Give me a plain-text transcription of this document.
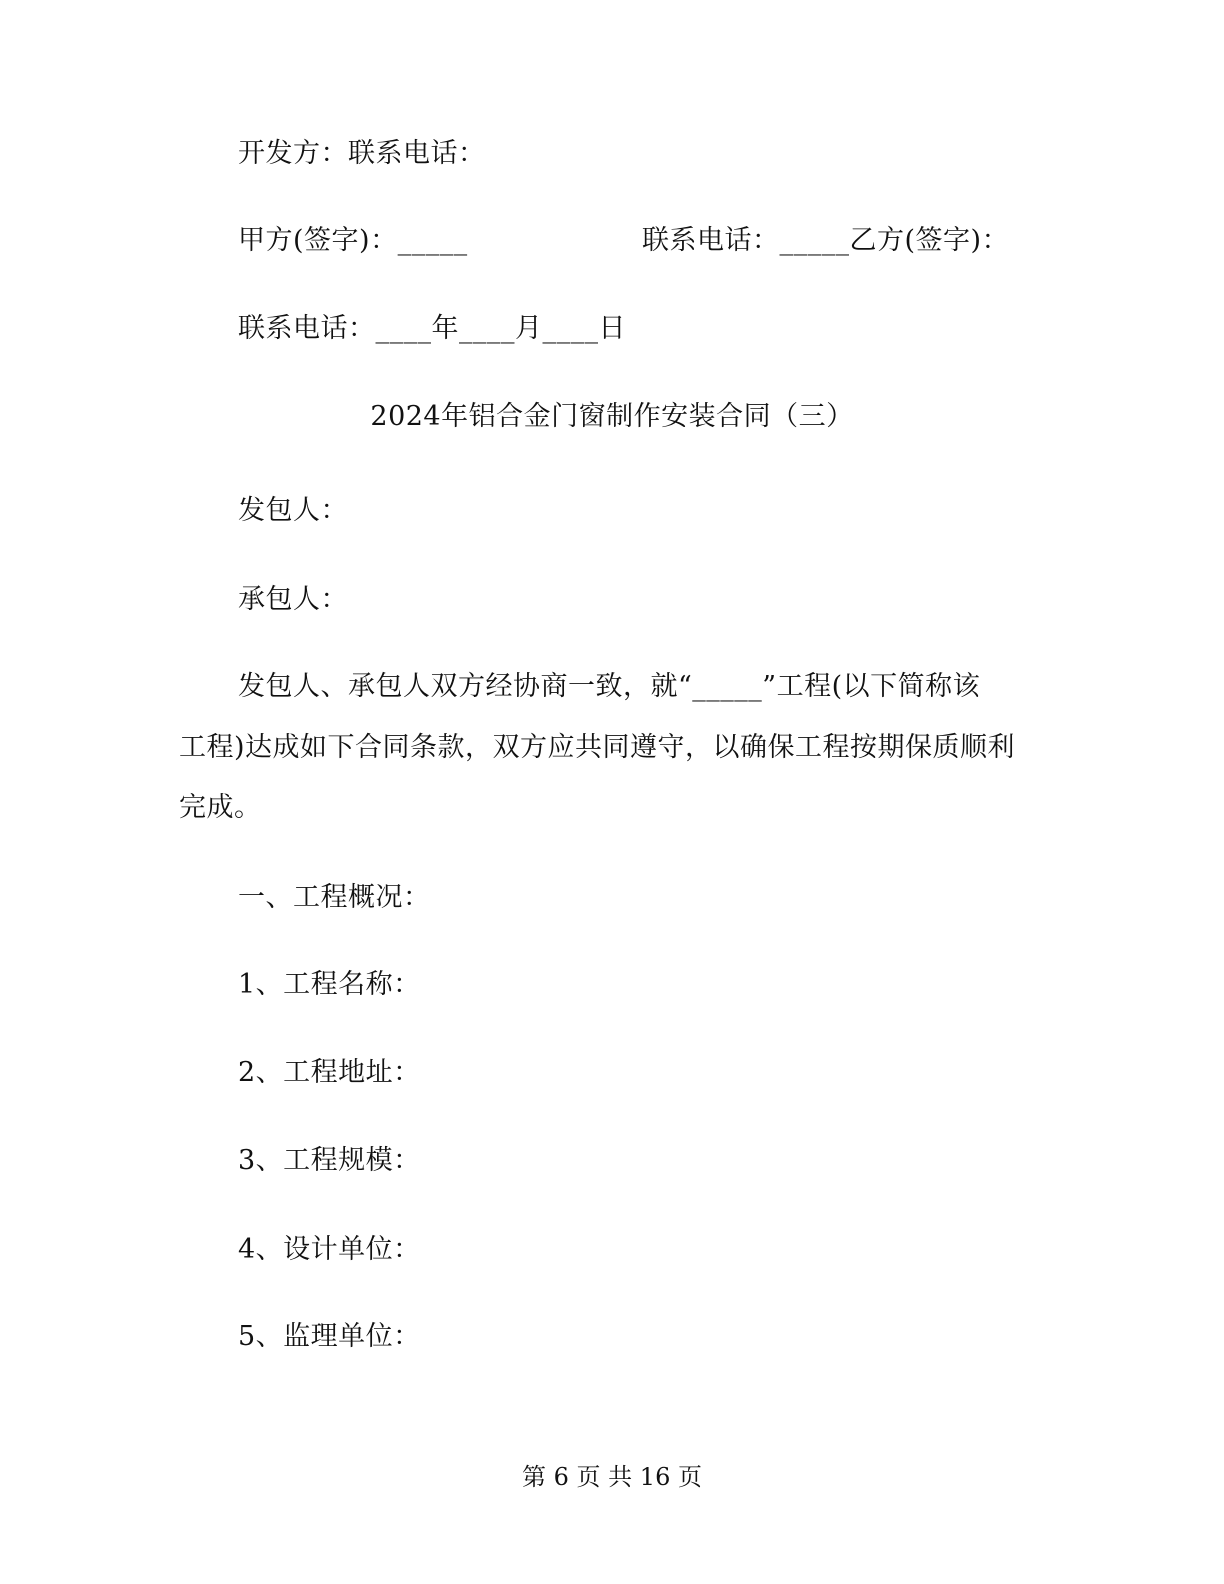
开发方：联系电话：
甲方(签字)：_____	联系电话：_____乙方(签字)：
联系电话：____年____月____日
2024年铝合金门窗制作安装合同（三）
发包人：
承包人：
发包人、承包人双方经协商一致，就“_____”工程(以下简称该
工程)达成如下合同条款，双方应共同遵守，以确保工程按期保质顺利
完成。
一、工程概况：
1、工程名称：
2、工程地址：
3、工程规模：
4、设计单位：
5、监理单位：
第 6 页 共 16 页
